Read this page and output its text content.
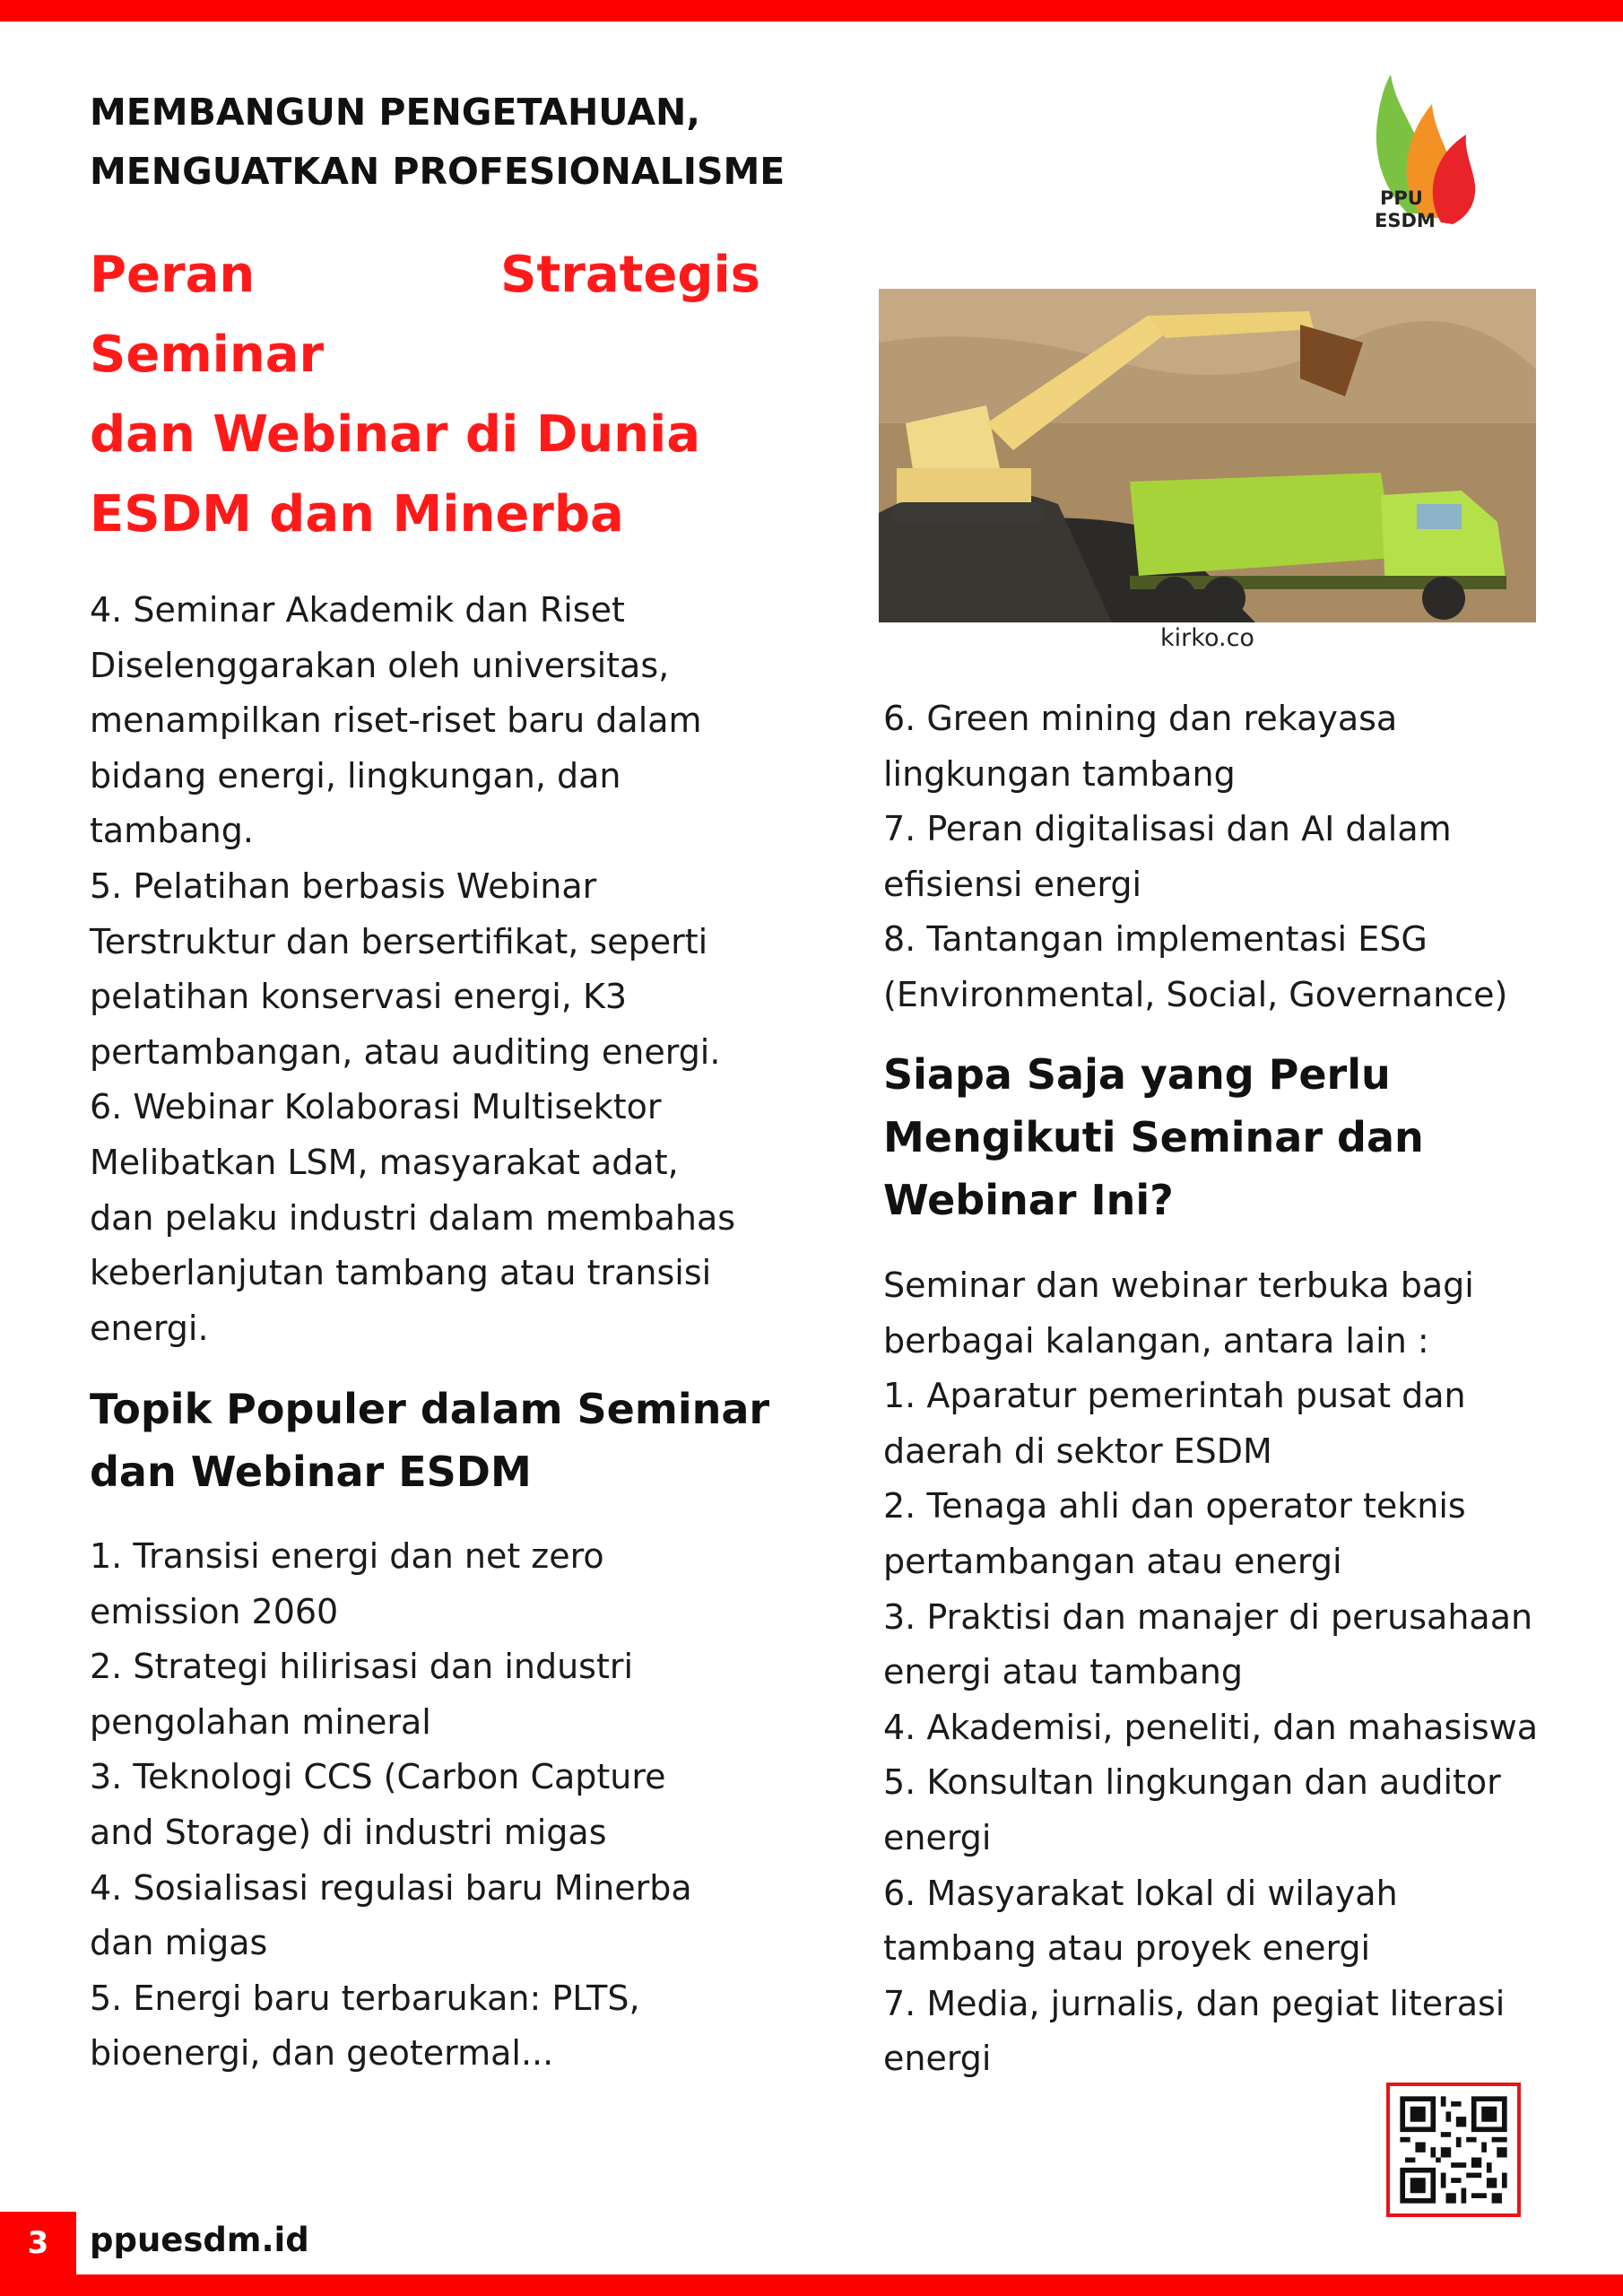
MEMBANGUN PENGETAHUAN,
MENGUATKAN PROFESIONALISME
PPU
ESDM
Peran Strategis Seminar
dan Webinar di Dunia
ESDM dan Minerba
kirko.co
4. Seminar Akademik dan Riset
Diselenggarakan oleh universitas,
menampilkan riset-riset baru dalam
bidang energi, lingkungan, dan
tambang.
5. Pelatihan berbasis Webinar
Terstruktur dan bersertifikat, seperti
pelatihan konservasi energi, K3
pertambangan, atau auditing energi.
6. Webinar Kolaborasi Multisektor
Melibatkan LSM, masyarakat adat,
dan pelaku industri dalam membahas
keberlanjutan tambang atau transisi
energi.
Topik Populer dalam Seminar
dan Webinar ESDM
1. Transisi energi dan net zero
emission 2060
2. Strategi hilirisasi dan industri
pengolahan mineral
3. Teknologi CCS (Carbon Capture
and Storage) di industri migas
4. Sosialisasi regulasi baru Minerba
dan migas
5. Energi baru terbarukan: PLTS,
bioenergi, dan geotermal...
6. Green mining dan rekayasa
lingkungan tambang
7. Peran digitalisasi dan AI dalam
efisiensi energi
8. Tantangan implementasi ESG
(Environmental, Social, Governance)
Siapa Saja yang Perlu
Mengikuti Seminar dan
Webinar Ini?
Seminar dan webinar terbuka bagi
berbagai kalangan, antara lain :
1. Aparatur pemerintah pusat dan
daerah di sektor ESDM
2. Tenaga ahli dan operator teknis
pertambangan atau energi
3. Praktisi dan manajer di perusahaan
energi atau tambang
4. Akademisi, peneliti, dan mahasiswa
5. Konsultan lingkungan dan auditor
energi
6. Masyarakat lokal di wilayah
tambang atau proyek energi
7. Media, jurnalis, dan pegiat literasi
energi
3	ppuesdm.id
